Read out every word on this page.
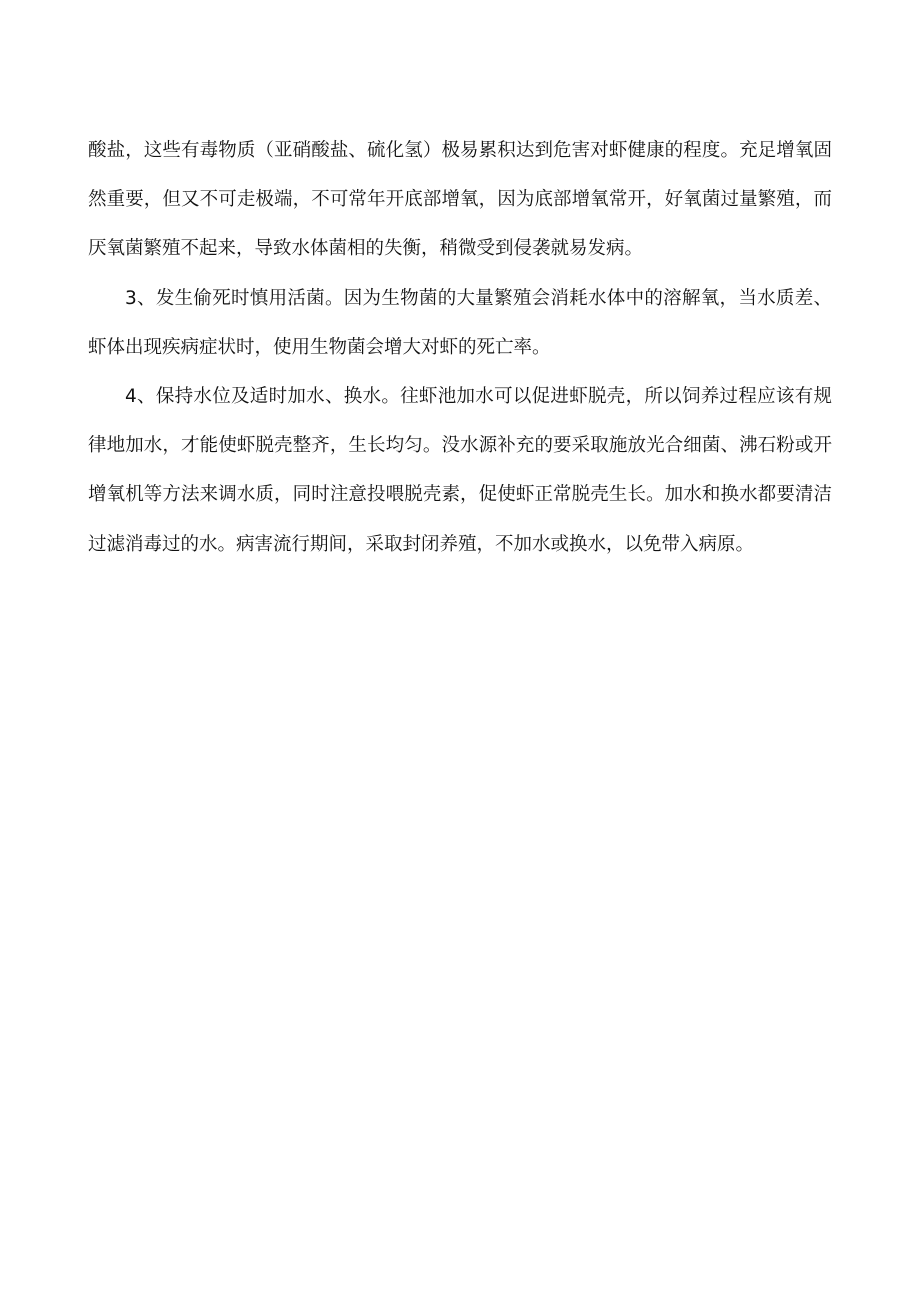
酸盐，这些有毒物质（亚硝酸盐、硫化氢）极易累积达到危害对虾健康的程度。充足增氧固然重要，但又不可走极端，不可常年开底部增氧，因为底部增氧常开，好氧菌过量繁殖，而厌氧菌繁殖不起来，导致水体菌相的失衡，稍微受到侵袭就易发病。

3、发生偷死时慎用活菌。因为生物菌的大量繁殖会消耗水体中的溶解氧，当水质差、虾体出现疾病症状时，使用生物菌会增大对虾的死亡率。

4、保持水位及适时加水、换水。往虾池加水可以促进虾脱壳，所以饲养过程应该有规律地加水，才能使虾脱壳整齐，生长均匀。没水源补充的要采取施放光合细菌、沸石粉或开增氧机等方法来调水质，同时注意投喂脱壳素，促使虾正常脱壳生长。加水和换水都要清洁过滤消毒过的水。病害流行期间，采取封闭养殖，不加水或换水，以免带入病原。
